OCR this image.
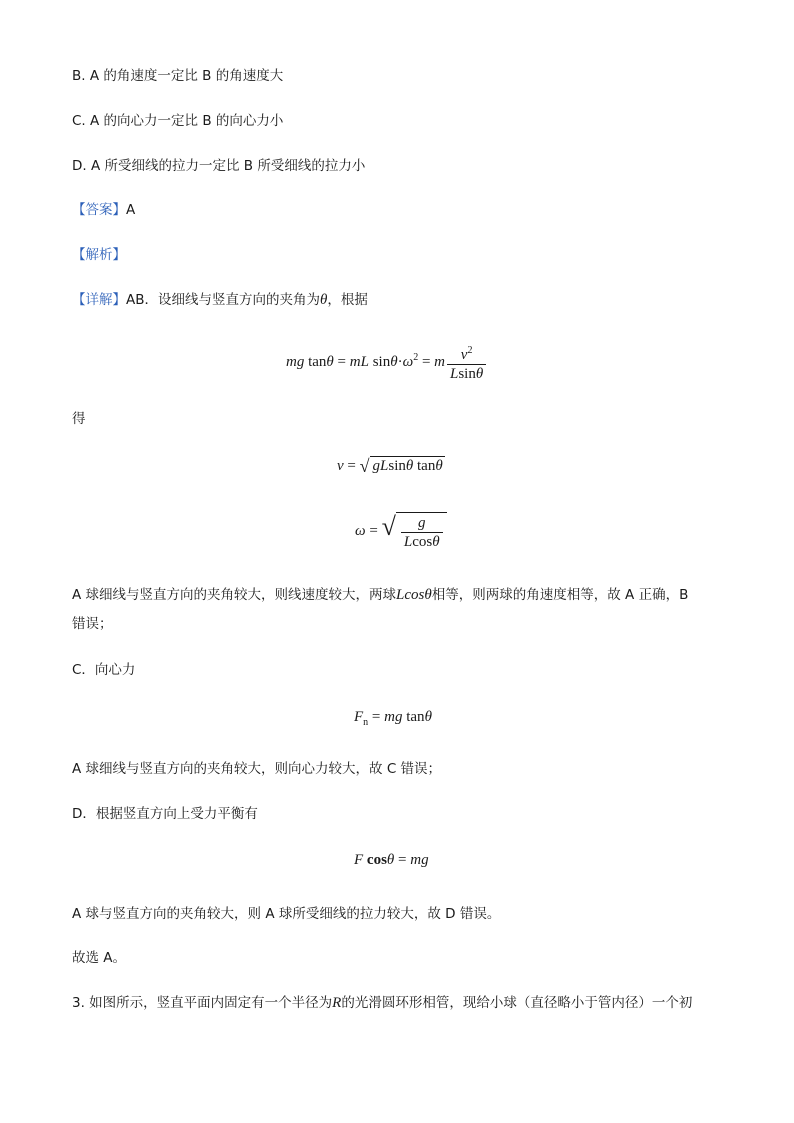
B. A 的角速度一定比 B 的角速度大
C. A 的向心力一定比 B 的向心力小
D. A 所受细线的拉力一定比 B 所受细线的拉力小
【答案】A
【解析】
【详解】AB．设细线与竖直方向的夹角为θ，根据
mg tanθ = mL $\sin\theta\cdot\omega^2 = m \frac{v^2}{Lsin\theta}$
得
v = √ gLsinθ tanθ
ω = √ $\frac{g}{Lcos\theta}$
A 球细线与竖直方向的夹角较大，则线速度较大，两球Lcosθ相等，则两球的角速度相等，故 A 正确，B
错误；
C．向心力
$F_n$ = mg tanθ
A 球细线与竖直方向的夹角较大，则向心力较大，故 C 错误；
D．根据竖直方向上受力平衡有
F cosθ = mg
A 球与竖直方向的夹角较大，则 A 球所受细线的拉力较大，故 D 错误。
故选 A。
3. 如图所示，竖直平面内固定有一个半径为R的光滑圆环形相管，现给小球（直径略小于管内径）一个初
